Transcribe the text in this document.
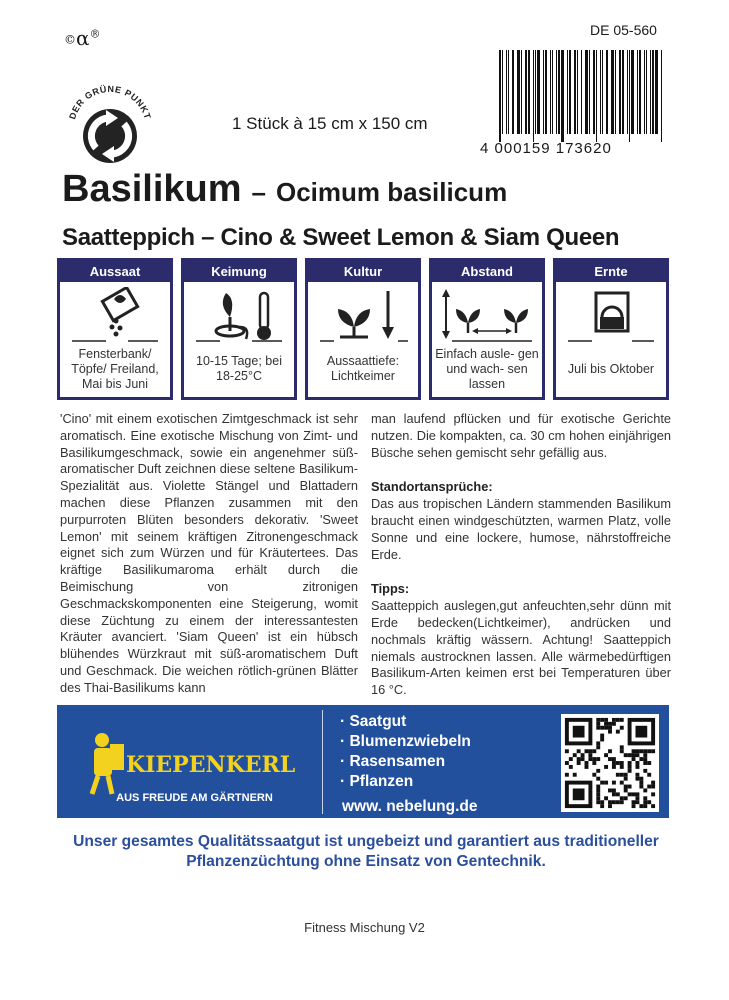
©α®	DE 05-560
DER GRÜNE PUNKT	1 Stück à 15 cm x 150 cm
4 000159 173620
Basilikum – Ocimum basilicum
Saatteppich – Cino & Sweet Lemon & Siam Queen
Aussaat
Fensterbank/ Töpfe/ Freiland, Mai bis Juni
Keimung
10-15 Tage; bei 18-25°C
Kultur
Aussaattiefe: Lichtkeimer
Abstand
Einfach ausle- gen und wach- sen lassen
Ernte
Juli bis Oktober

'Cino' mit einem exotischen Zimtgeschmack ist sehr aromatisch. Eine exotische Mischung von Zimt- und Basilikumgeschmack, sowie ein angenehmer süß-aromatischer Duft zeichnen diese seltene Basilikum-Spezialität aus. Violette Stängel und Blattadern machen diese Pflanzen zusammen mit den purpurroten Blüten besonders dekorativ. 'Sweet Lemon' mit seinem kräftigen Zitronengeschmack eignet sich zum Würzen und für Kräutertees. Das kräftige Basilikumaroma erhält durch die Beimischung von zitronigen Geschmackskomponenten eine Steigerung, womit diese Züchtung zu einem der interessantesten Kräuter avanciert. 'Siam Queen' ist ein hübsch blühendes Würzkraut mit süß-aromatischem Duft und Geschmack. Die weichen rötlich-grünen Blätter des Thai-Basilikums kann

man laufend pflücken und für exotische Gerichte nutzen. Die kompakten, ca. 30 cm hohen einjährigen Büsche sehen gemischt sehr gefällig aus.

Standortansprüche:

Das aus tropischen Ländern stammenden Basilikum braucht einen windgeschützten, warmen Platz, volle Sonne und eine lockere, humose, nährstoffreiche Erde.

Tipps:

Saatteppich auslegen,gut anfeuchten,sehr dünn mit Erde bedecken(Lichtkeimer), andrücken und nochmals kräftig wässern. Achtung! Saatteppich niemals austrocknen lassen. Alle wärmebedürftigen Basilikum-Arten keimen erst bei Temperaturen über 16 °C.

KIEPENKERL
AUS FREUDE AM GÄRTNERN
· Saatgut
· Blumenzwiebeln
· Rasensamen
· Pflanzen
www. nebelung.de
Unser gesamtes Qualitätssaatgut ist ungebeizt und garantiert aus traditioneller Pflanzenzüchtung ohne Einsatz von Gentechnik.
Fitness Mischung V2
